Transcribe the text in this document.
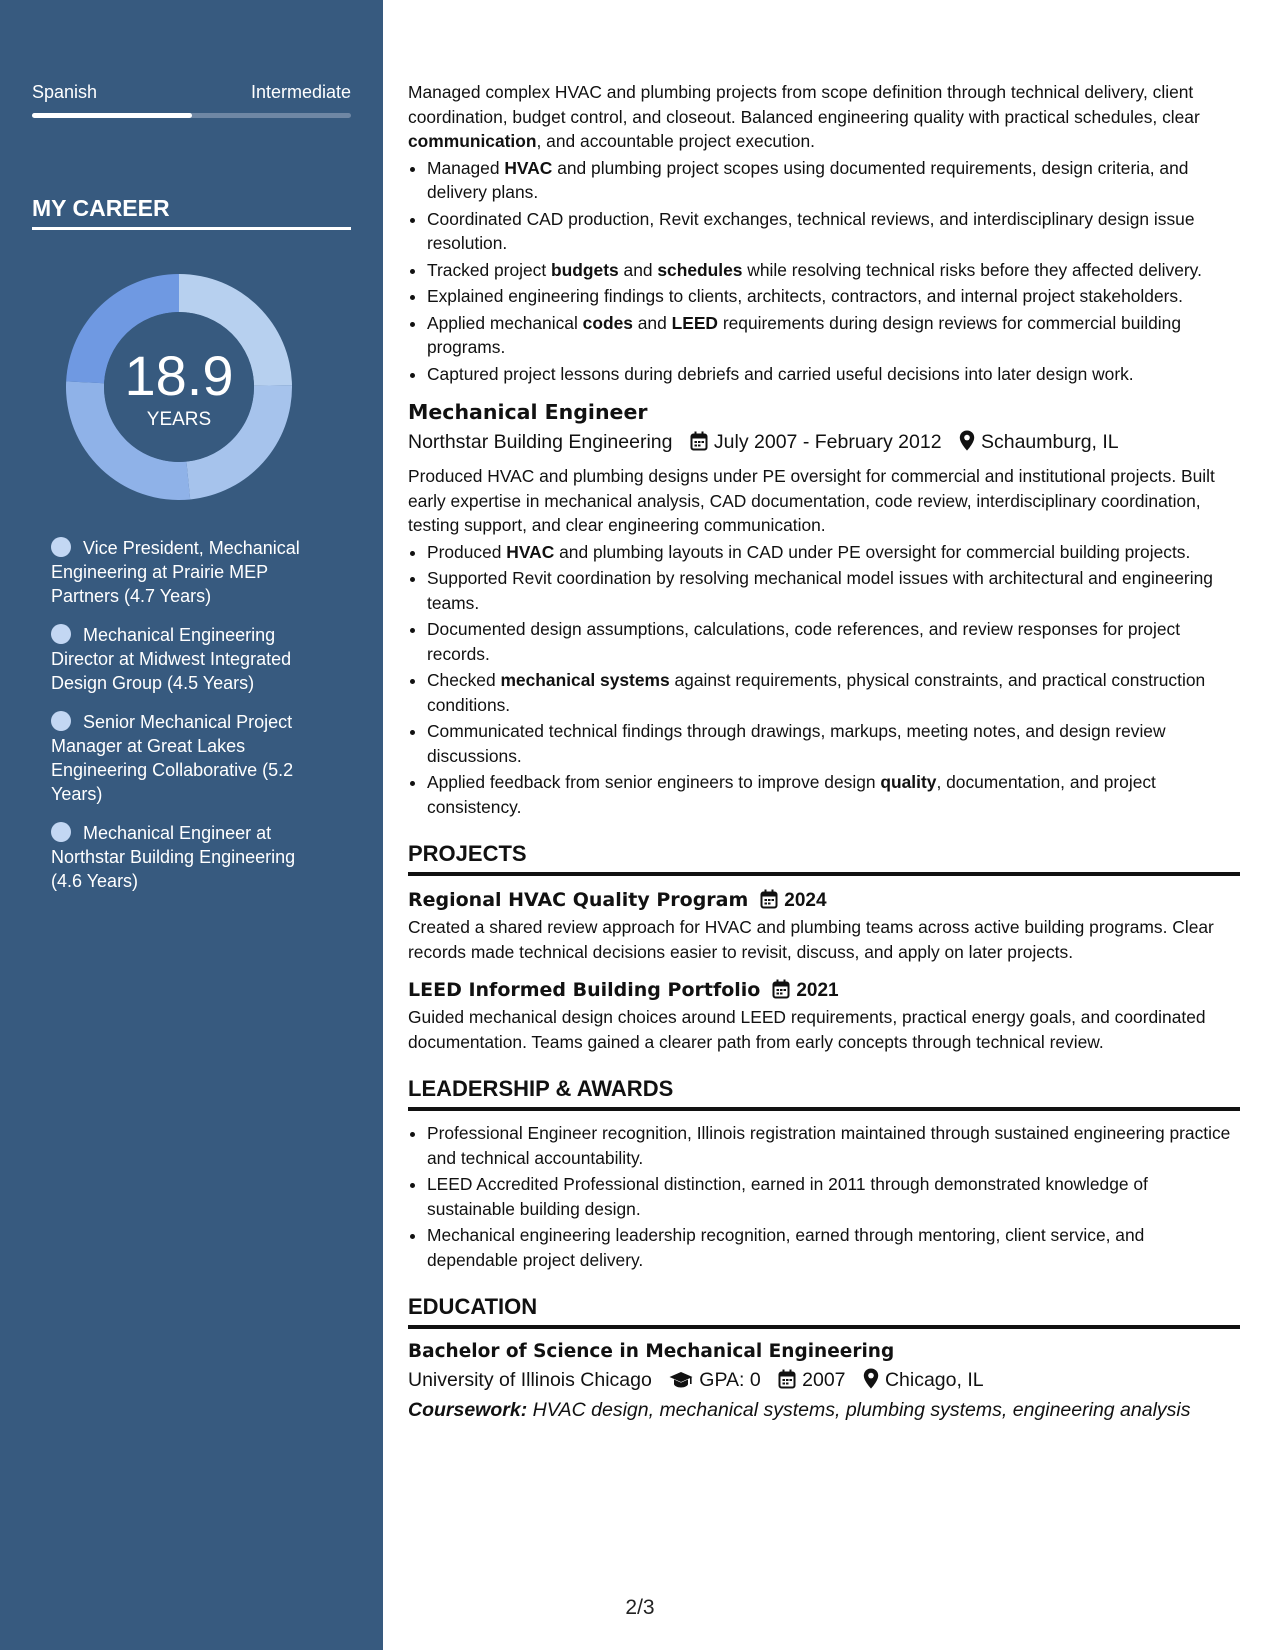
Spanish	Intermediate
MY CAREER
18.9
YEARS
Vice President, Mechanical Engineering at Prairie MEP Partners (4.7 Years)
Mechanical Engineering Director at Midwest Integrated Design Group (4.5 Years)
Senior Mechanical Project Manager at Great Lakes Engineering Collaborative (5.2 Years)
Mechanical Engineer at Northstar Building Engineering (4.6 Years)

Managed complex HVAC and plumbing projects from scope definition through technical delivery, client coordination, budget control, and closeout. Balanced engineering quality with practical schedules, clear communication, and accountable project execution.

• Managed HVAC and plumbing project scopes using documented requirements, design criteria, and delivery plans.
• Coordinated CAD production, Revit exchanges, technical reviews, and interdisciplinary design issue resolution.
• Tracked project budgets and schedules while resolving technical risks before they affected delivery.
• Explained engineering findings to clients, architects, contractors, and internal project stakeholders.
• Applied mechanical codes and LEED requirements during design reviews for commercial building programs.
• Captured project lessons during debriefs and carried useful decisions into later design work.
Mechanical Engineer
Northstar Building Engineering July 2007 - February 2012 Schaumburg, IL

Produced HVAC and plumbing designs under PE oversight for commercial and institutional projects. Built early expertise in mechanical analysis, CAD documentation, code review, interdisciplinary coordination, testing support, and clear engineering communication.

• Produced HVAC and plumbing layouts in CAD under PE oversight for commercial building projects.
• Supported Revit coordination by resolving mechanical model issues with architectural and engineering teams.
• Documented design assumptions, calculations, code references, and review responses for project records.
• Checked mechanical systems against requirements, physical constraints, and practical construction conditions.
• Communicated technical findings through drawings, markups, meeting notes, and design review discussions.
• Applied feedback from senior engineers to improve design quality, documentation, and project consistency.
PROJECTS
Regional HVAC Quality Program 2024

Created a shared review approach for HVAC and plumbing teams across active building programs. Clear records made technical decisions easier to revisit, discuss, and apply on later projects.

LEED Informed Building Portfolio 2021

Guided mechanical design choices around LEED requirements, practical energy goals, and coordinated documentation. Teams gained a clearer path from early concepts through technical review.

LEADERSHIP & AWARDS
• Professional Engineer recognition, Illinois registration maintained through sustained engineering practice and technical accountability.
• LEED Accredited Professional distinction, earned in 2011 through demonstrated knowledge of sustainable building design.
• Mechanical engineering leadership recognition, earned through mentoring, client service, and dependable project delivery.
EDUCATION
Bachelor of Science in Mechanical Engineering
University of Illinois Chicago GPA: 0 2007 Chicago, IL
Coursework: HVAC design, mechanical systems, plumbing systems, engineering analysis
2/3
